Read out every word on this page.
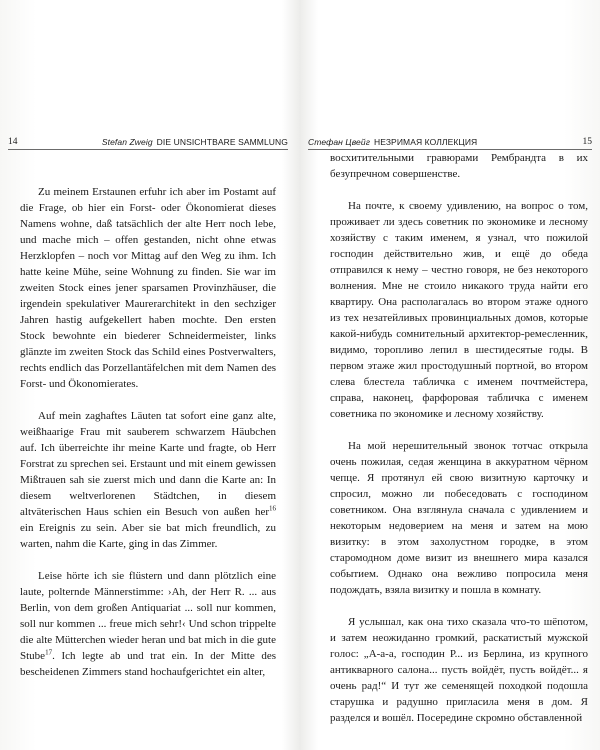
14	Stefan Zweig DIE UNSICHTBARE SAMMLUNG

Zu meinem Erstaunen erfuhr ich aber im Postamt auf die Frage, ob hier ein Forst- oder Ökonomierat dieses Namens wohne, daß tatsächlich der alte Herr noch lebe, und mache mich – offen gestanden, nicht ohne etwas Herzklopfen – noch vor Mittag auf den Weg zu ihm. Ich hatte keine Mühe, seine Wohnung zu finden. Sie war im zweiten Stock eines jener sparsamen Provinzhäuser, die irgendein spekulativer Maurerarchitekt in den sechziger Jahren hastig aufgekellert haben mochte. Den ersten Stock bewohnte ein biederer Schneidermeister, links glänzte im zweiten Stock das Schild eines Postverwalters, rechts endlich das Porzellantäfelchen mit dem Namen des Forst- und Ökonomierates.

Auf mein zaghaftes Läuten tat sofort eine ganz alte, weißhaarige Frau mit sauberem schwarzem Häubchen auf. Ich überreichte ihr meine Karte und fragte, ob Herr Forstrat zu sprechen sei. Erstaunt und mit einem gewissen Mißtrauen sah sie zuerst mich und dann die Karte an: In diesem weltverlorenen Städtchen, in diesem altväterischen Haus schien ein Besuch von außen her$^{16}$ ein Ereignis zu sein. Aber sie bat mich freundlich, zu warten, nahm die Karte, ging in das Zimmer.

Leise hörte ich sie flüstern und dann plötzlich eine laute, polternde Männerstimme: ›Ah, der Herr R. ... aus Berlin, von dem großen Antiquariat ... soll nur kommen, soll nur kommen ... freue mich sehr!‹ Und schon trippelte die alte Mütterchen wieder heran und bat mich in die gute Stube$^{17}$. Ich legte ab und trat ein. In der Mitte des bescheidenen Zimmers stand hochaufgerichtet ein alter,

Стефан Цвейг НЕЗРИМАЯ КОЛЛЕКЦИЯ	15

восхитительными гравюрами Рембрандта в их безупречном совершенстве.

На почте, к своему удивлению, на вопрос о том, проживает ли здесь советник по экономике и лесному хозяйству с таким именем, я узнал, что пожилой господин действительно жив, и ещё до обеда отправился к нему – честно говоря, не без некоторого волнения. Мне не стоило никакого труда найти его квартиру. Она располагалась во втором этаже одного из тех незатейливых провинциальных домов, которые какой-нибудь сомнительный архитектор-ремесленник, видимо, торопливо лепил в шестидесятые годы. В первом этаже жил простодушный портной, во втором слева блестела табличка с именем почтмейстера, справа, наконец, фарфоровая табличка с именем советника по экономике и лесному хозяйству.

На мой нерешительный звонок тотчас открыла очень пожилая, седая женщина в аккуратном чёрном чепце. Я протянул ей свою визитную карточку и спросил, можно ли побеседовать с господином советником. Она взглянула сначала с удивлением и некоторым недоверием на меня и затем на мою визитку: в этом захолустном городке, в этом старомодном доме визит из внешнего мира казался событием. Однако она вежливо попросила меня подождать, взяла визитку и пошла в комнату.

Я услышал, как она тихо сказала что-то шёпотом, и затем неожиданно громкий, раскатистый мужской голос: „А-а-а, господин Р... из Берлина, из крупного антикварного салона... пусть войдёт, пусть войдёт... я очень рад!“ И тут же семенящей походкой подошла старушка и радушно пригласила меня в дом. Я разделся и вошёл. Посередине скромно обставленной
